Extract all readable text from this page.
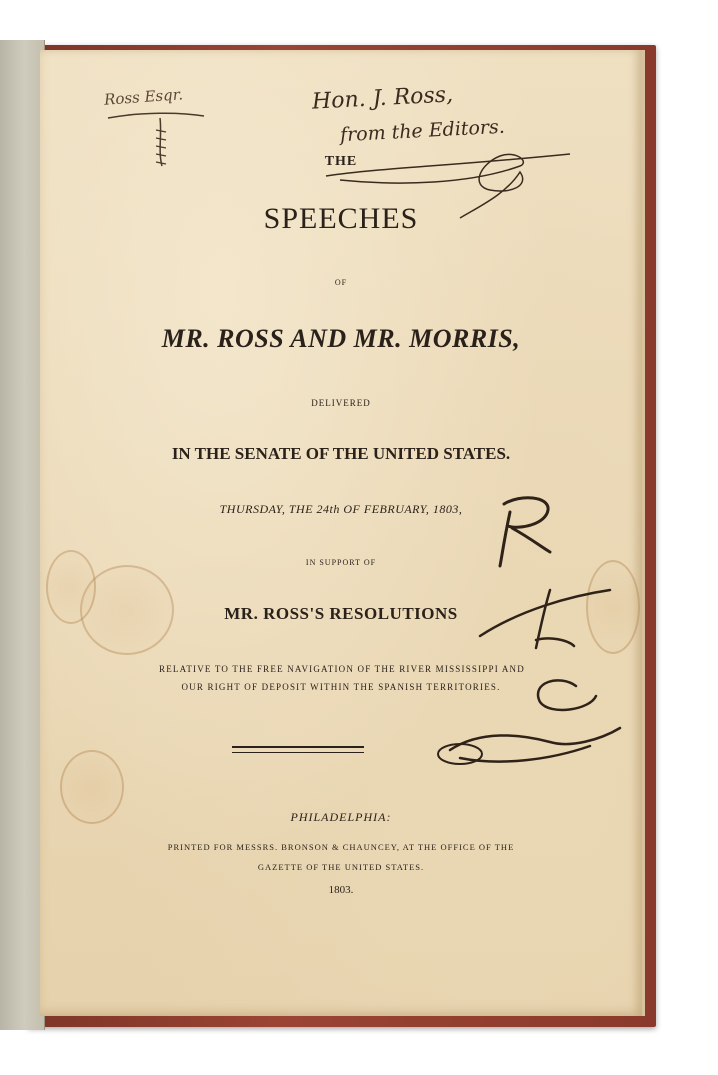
Ross Esqr.	Hon. J. Ross,
from the Editors.

THE

SPEECHES

OF

MR. ROSS AND MR. MORRIS,

DELIVERED

IN THE SENATE OF THE UNITED STATES.

THURSDAY, THE 24th OF FEBRUARY, 1803,

IN SUPPORT OF

MR. ROSS'S RESOLUTIONS

RELATIVE TO THE FREE NAVIGATION OF THE RIVER MISSISSIPPI AND

OUR RIGHT OF DEPOSIT WITHIN THE SPANISH TERRITORIES.

PHILADELPHIA:

PRINTED FOR MESSRS. BRONSON & CHAUNCEY, AT THE OFFICE OF THE

GAZETTE OF THE UNITED STATES.

1803.
